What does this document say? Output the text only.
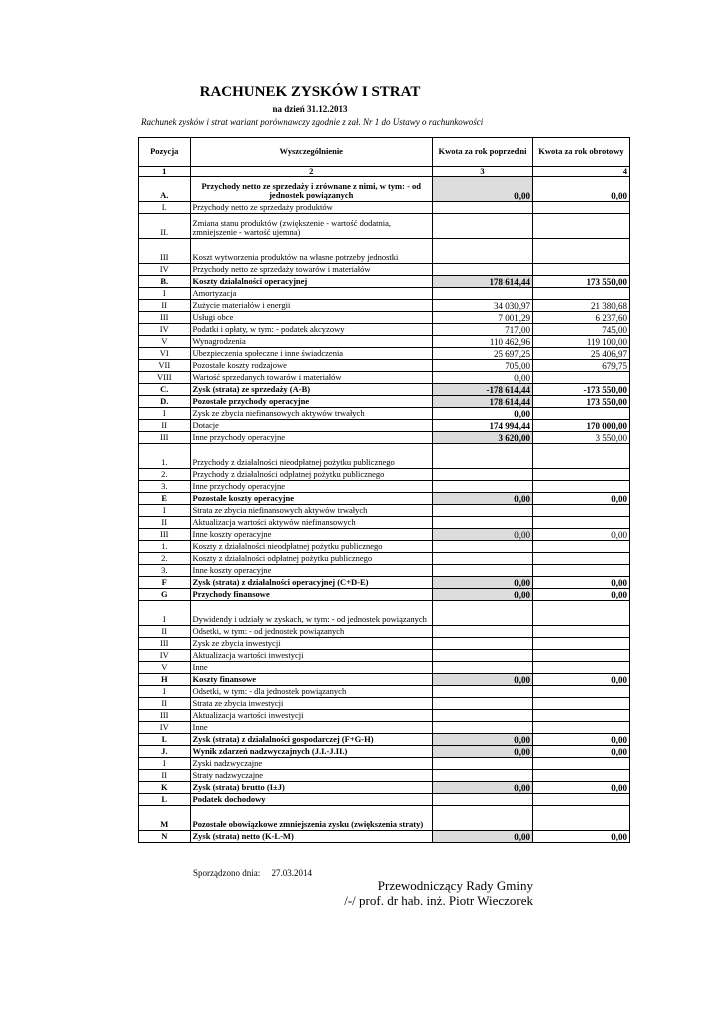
RACHUNEK ZYSKÓW I STRAT
na dzień 31.12.2013
Rachunek zysków i strat wariant porównawczy zgodnie z zał. Nr 1 do Ustawy o rachunkowości
Pozycja	Wyszczególnienie	Kwota za rok poprzedni	Kwota za rok obrotowy
1	2	3	4
A.	Przychody netto ze sprzedaży i zrównane z nimi, w tym: - od jednostek powiązanych	0,00	0,00
I.	Przychody netto ze sprzedaży produktów		
II.	Zmiana stanu produktów (zwiększenie - wartość dodatnia, zmniejszenie - wartość ujemna)		
III	Koszt wytworzenia produktów na własne potrzeby jednostki		
IV	Przychody netto ze sprzedaży towarów i materiałów		
B.	Koszty działalności operacyjnej	178 614,44	173 550,00
I	Amortyzacja		
II	Zużycie materiałów i energii	34 030,97	21 380,68
III	Usługi obce	7 001,29	6 237,60
IV	Podatki i opłaty, w tym: - podatek akcyzowy	717,00	745,00
V	Wynagrodzenia	110 462,96	119 100,00
VI	Ubezpieczenia społeczne i inne świadczenia	25 697,25	25 406,97
VII	Pozostałe koszty rodzajowe	705,00	679,75
VIII	Wartość sprzedanych towarów i materiałów	0,00	
C.	Zysk (strata) ze sprzedaży (A-B)	-178 614,44	-173 550,00
D.	Pozostałe przychody operacyjne	178 614,44	173 550,00
I	Zysk ze zbycia niefinansowych aktywów trwałych	0,00	
II	Dotacje	174 994,44	170 000,00
III	Inne przychody operacyjne	3 620,00	3 550,00
1.	Przychody z działalności nieodpłatnej pożytku publicznego		
2.	Przychody z działalności odpłatnej pożytku publicznego		
3.	Inne przychody operacyjne		
E	Pozostałe koszty operacyjne	0,00	0,00
I	Strata ze zbycia niefinansowych aktywów trwałych		
II	Aktualizacja wartości aktywów niefinansowych		
III	Inne koszty operacyjne	0,00	0,00
1.	Koszty z działalności nieodpłatnej pożytku publicznego		
2.	Koszty z działalności odpłatnej pożytku publicznego		
3.	Inne koszty operacyjne		
F	Zysk (strata) z działalności operacyjnej (C+D-E)	0,00	0,00
G	Przychody finansowe	0,00	0,00
I	Dywidendy i udziały w zyskach, w tym: - od jednostek powiązanych		
II	Odsetki, w tym: - od jednostek powiązanych		
III	Zysk ze zbycia inwestycji		
IV	Aktualizacja wartości inwestycji		
V	Inne		
H	Koszty finansowe	0,00	0,00
I	Odsetki, w tym: - dla jednostek powiązanych		
II	Strata ze zbycia inwestycji		
III	Aktualizacja wartości inwestycji		
IV	Inne		
I.	Zysk (strata) z działalności gospodarczej (F+G-H)	0,00	0,00
J.	Wynik zdarzeń nadzwyczajnych (J.I.-J.II.)	0,00	0,00
I	Zyski nadzwyczajne		
II	Straty nadzwyczajne		
K	Zysk (strata) brutto (I±J)	0,00	0,00
L	Podatek dochodowy		
M	Pozostałe obowiązkowe zmniejszenia zysku (zwiększenia straty)		
N	Zysk (strata) netto (K-L-M)	0,00	0,00
Sporządzono dnia: 27.03.2014
Przewodniczący Rady Gminy
/-/ prof. dr hab. inż. Piotr Wieczorek
